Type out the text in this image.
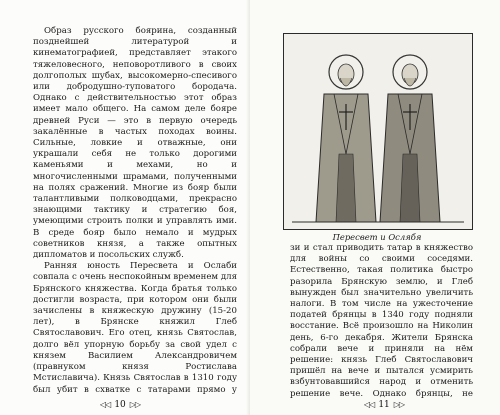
Образ русского боярина, созданный позднейшей литературой и кинематографией, представляет этакого тяжеловесного, неповоротливого в своих долгополых шубах, высокомерно-спесивого или добродушно-туповатого бородача. Однако с действительностью этот образ имеет мало общего. На самом деле бояре древней Руси — это в первую очередь закалённые в частых походах воины. Сильные, ловкие и отважные, они украшали себя не только дорогими каменьями и мехами, но и многочисленными шрамами, полученными на полях сражений. Многие из бояр были талантливыми полководцами, прекрасно знающими тактику и стратегию боя, умеющими строить полки и управлять ими. В среде бояр было немало и мудрых советников князя, а также опытных дипломатов и посольских служб.

Ранняя юность Пересвета и Ослаби совпала с очень неспокойным временем для Брянского княжества. Когда братья только достигли возраста, при котором они были зачислены в княжескую дружину (15-20 лет), в Брянске княжил Глеб Святославович. Его отец, князь Святослав, долго вёл упорную борьбу за свой удел с князем Василием Александровичем (правнуком князя Ростислава Мстиславича). Князь Святослав в 1310 году был убит в схватке с татарами прямо у

◁◁ 10 ▷▷
Пересвет и Ослябя

зи и стал приводить татар в княжество для войны со своими соседями. Естественно, такая политика быстро разорила Брянскую землю, и Глеб вынужден был значительно увеличить налоги. В том числе на ужесточение податей брянцы в 1340 году подняли восстание. Всё произошло на Николин день, 6-го декабря. Жители Брянска собрали вече и приняли на нём решение: князь Глеб Святославович пришёл на вече и пытался усмирить взбунтовавшийся народ и отменить решение вече. Однако брянцы, не

◁◁ 11 ▷▷
